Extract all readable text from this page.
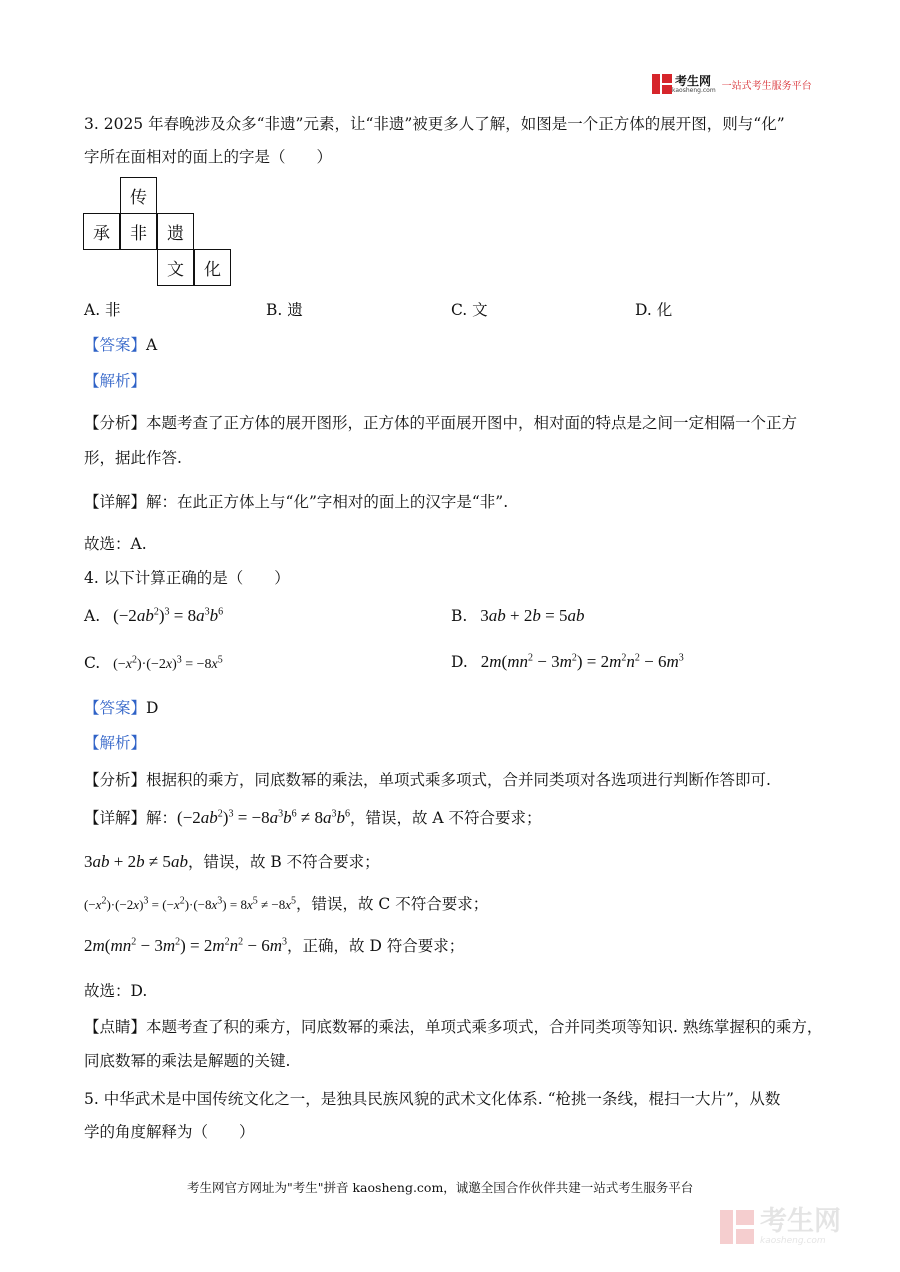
考生网
kaosheng.com 一站式考生服务平台
3. 2025 年春晚涉及众多“非遗”元素，让“非遗”被更多人了解，如图是一个正方体的展开图，则与“化”
字所在面相对的面上的字是（　　）
传
承	非	遗
文	化
A. 非	B. 遗	C. 文	D. 化
【答案】A
【解析】
【分析】本题考查了正方体的展开图形，正方体的平面展开图中，相对面的特点是之间一定相隔一个正方
形，据此作答.
【详解】解：在此正方体上与“化”字相对的面上的汉字是“非”.
故选：A.
4. 以下计算正确的是（　　）
A. $(-2ab^2)^3 = 8a^3b^6$	B. 3ab + 2b = 5ab
C. $(-x^2)\cdot(-2x)^3 = -8x^5$	D. $2m(mn^2 - 3m^2) = 2m^2n^2 - 6m^3$
【答案】D
【解析】
【分析】根据积的乘方，同底数幂的乘法，单项式乘多项式，合并同类项对各选项进行判断作答即可.
【详解】解：$(-2ab^2)^3 = -8a^3b^6 \ne 8a^3b^6$，错误，故 A 不符合要求；
3ab + 2b ≠ 5ab，错误，故 B 不符合要求；
$(-x^2)\cdot(-2x)^3 = (-x^2)\cdot(-8x^3) = 8x^5 \ne -8x^5$，错误，故 C 不符合要求；
$2m(mn^2 - 3m^2) = 2m^2n^2 - 6m^3$，正确，故 D 符合要求；
故选：D.
【点睛】本题考查了积的乘方，同底数幂的乘法，单项式乘多项式，合并同类项等知识. 熟练掌握积的乘方，
同底数幂的乘法是解题的关键.
5. 中华武术是中国传统文化之一，是独具民族风貌的武术文化体系. “枪挑一条线，棍扫一大片”，从数
学的角度解释为（　　）
考生网官方网址为"考生"拼音 kaosheng.com，诚邀全国合作伙伴共建一站式考生服务平台
考生网
kaosheng.com
